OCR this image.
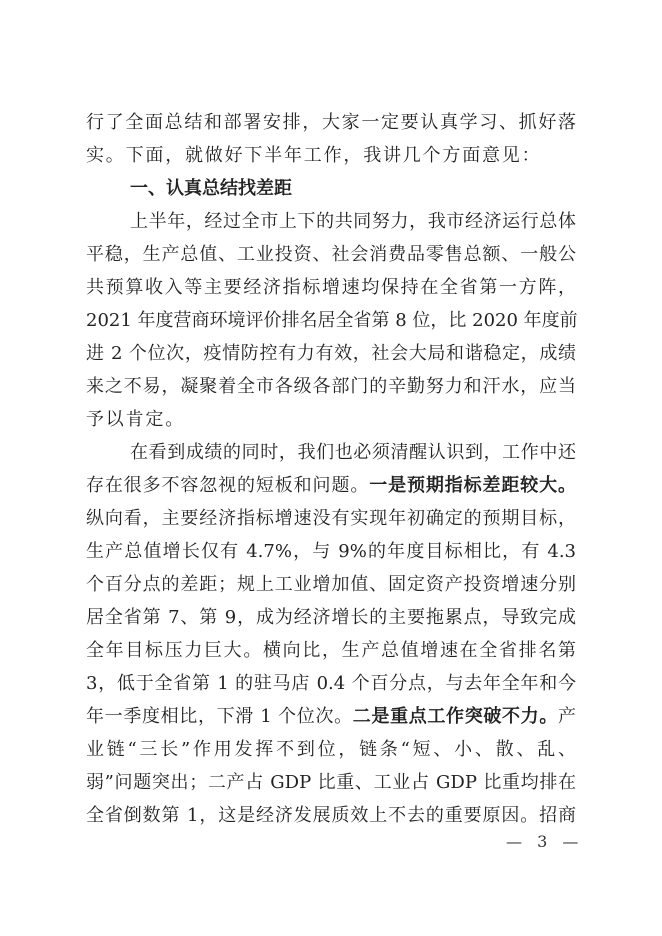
行了全面总结和部署安排，大家一定要认真学习、抓好落
实。下面，就做好下半年工作，我讲几个方面意见：
一、认真总结找差距
上半年，经过全市上下的共同努力，我市经济运行总体
平稳，生产总值、工业投资、社会消费品零售总额、一般公
共预算收入等主要经济指标增速均保持在全省第一方阵，
2021 年度营商环境评价排名居全省第 8 位，比 2020 年度前
进 2 个位次，疫情防控有力有效，社会大局和谐稳定，成绩
来之不易，凝聚着全市各级各部门的辛勤努力和汗水，应当
予以肯定。
在看到成绩的同时，我们也必须清醒认识到，工作中还
存在很多不容忽视的短板和问题。一是预期指标差距较大。
纵向看，主要经济指标增速没有实现年初确定的预期目标，
生产总值增长仅有 4.7%，与 9%的年度目标相比，有 4.3
个百分点的差距；规上工业增加值、固定资产投资增速分别
居全省第 7、第 9，成为经济增长的主要拖累点，导致完成
全年目标压力巨大。横向比，生产总值增速在全省排名第
3，低于全省第 1 的驻马店 0.4 个百分点，与去年全年和今
年一季度相比，下滑 1 个位次。二是重点工作突破不力。产
业链“三长”作用发挥不到位，链条“短、小、散、乱、
弱”问题突出；二产占 GDP 比重、工业占 GDP 比重均排在
全省倒数第 1，这是经济发展质效上不去的重要原因。招商
— 3 —
